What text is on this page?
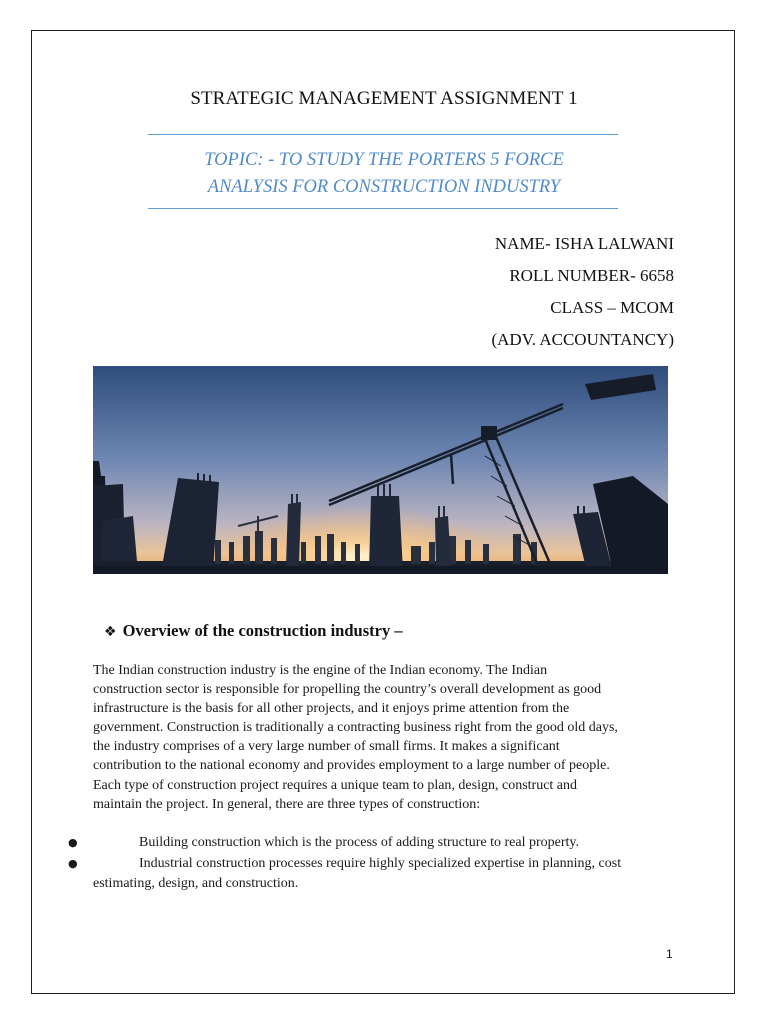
STRATEGIC MANAGEMENT ASSIGNMENT 1
TOPIC: - TO STUDY THE PORTERS 5 FORCE
ANALYSIS FOR CONSTRUCTION INDUSTRY
NAME- ISHA LALWANI
ROLL NUMBER- 6658
CLASS – MCOM
(ADV. ACCOUNTANCY)
❖ Overview of the construction industry –
The Indian construction industry is the engine of the Indian economy. The Indian
construction sector is responsible for propelling the country’s overall development as good
infrastructure is the basis for all other projects, and it enjoys prime attention from the
government. Construction is traditionally a contracting business right from the good old days,
the industry comprises of a very large number of small firms. It makes a significant
contribution to the national economy and provides employment to a large number of people.
Each type of construction project requires a unique team to plan, design, construct and
maintain the project. In general, there are three types of construction:
●	Building construction which is the process of adding structure to real property.
●	Industrial construction processes require highly specialized expertise in planning, cost
estimating, design, and construction.
1
